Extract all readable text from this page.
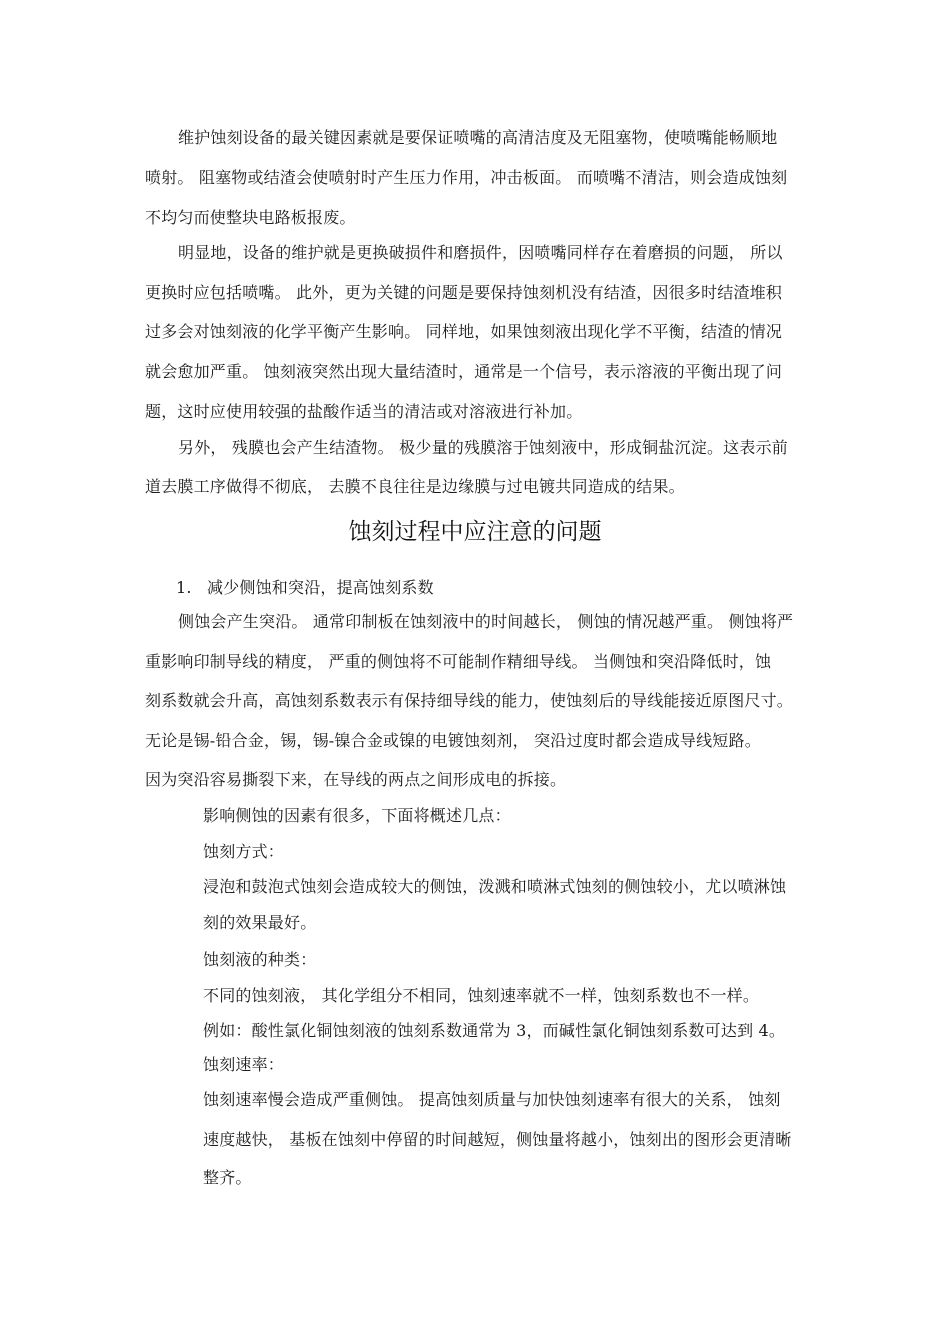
维护蚀刻设备的最关键因素就是要保证喷嘴的高清洁度及无阻塞物，使喷嘴能畅顺地
喷射。 阻塞物或结渣会使喷射时产生压力作用，冲击板面。 而喷嘴不清洁，则会造成蚀刻
不均匀而使整块电路板报废。
明显地，设备的维护就是更换破损件和磨损件，因喷嘴同样存在着磨损的问题， 所以
更换时应包括喷嘴。 此外，更为关键的问题是要保持蚀刻机没有结渣，因很多时结渣堆积
过多会对蚀刻液的化学平衡产生影响。 同样地，如果蚀刻液出现化学不平衡，结渣的情况
就会愈加严重。 蚀刻液突然出现大量结渣时，通常是一个信号，表示溶液的平衡出现了问
题，这时应使用较强的盐酸作适当的清洁或对溶液进行补加。
另外， 残膜也会产生结渣物。 极少量的残膜溶于蚀刻液中，形成铜盐沉淀。这表示前
道去膜工序做得不彻底， 去膜不良往往是边缘膜与过电镀共同造成的结果。
蚀刻过程中应注意的问题
1. 减少侧蚀和突沿，提高蚀刻系数
侧蚀会产生突沿。 通常印制板在蚀刻液中的时间越长， 侧蚀的情况越严重。 侧蚀将严
重影响印制导线的精度， 严重的侧蚀将不可能制作精细导线。 当侧蚀和突沿降低时，蚀
刻系数就会升高，高蚀刻系数表示有保持细导线的能力，使蚀刻后的导线能接近原图尺寸。
无论是锡-铅合金，锡，锡-镍合金或镍的电镀蚀刻剂， 突沿过度时都会造成导线短路。
因为突沿容易撕裂下来，在导线的两点之间形成电的拆接。
影响侧蚀的因素有很多，下面将概述几点：
蚀刻方式：
浸泡和鼓泡式蚀刻会造成较大的侧蚀，泼溅和喷淋式蚀刻的侧蚀较小，尤以喷淋蚀
刻的效果最好。
蚀刻液的种类：
不同的蚀刻液， 其化学组分不相同，蚀刻速率就不一样，蚀刻系数也不一样。
例如：酸性氯化铜蚀刻液的蚀刻系数通常为 3，而碱性氯化铜蚀刻系数可达到 4。
蚀刻速率：
蚀刻速率慢会造成严重侧蚀。 提高蚀刻质量与加快蚀刻速率有很大的关系， 蚀刻
速度越快， 基板在蚀刻中停留的时间越短，侧蚀量将越小，蚀刻出的图形会更清晰
整齐。
